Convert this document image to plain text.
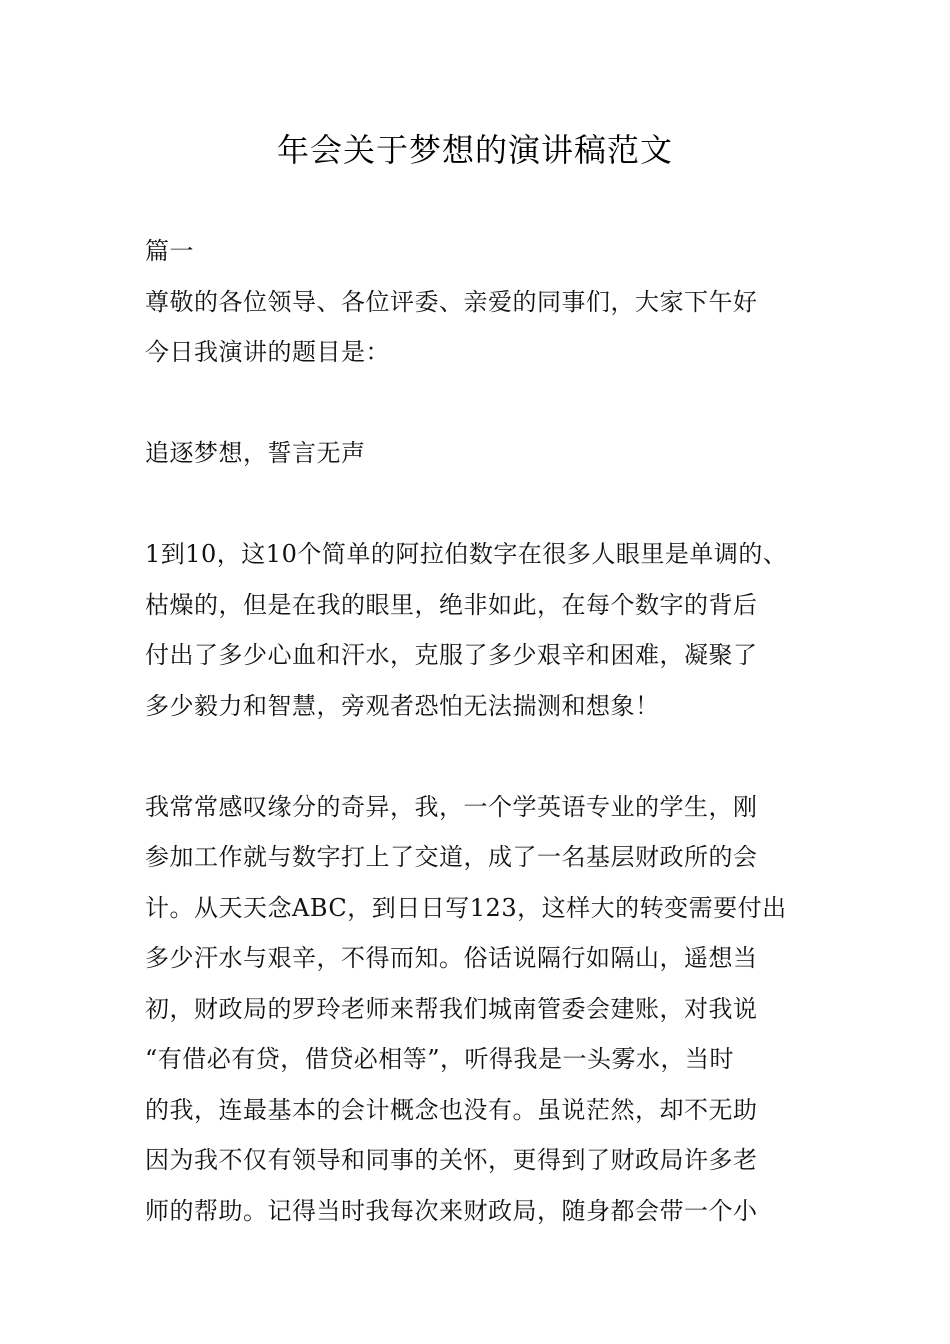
年会关于梦想的演讲稿范文
篇一
尊敬的各位领导、各位评委、亲爱的同事们，大家下午好
今日我演讲的题目是：
追逐梦想，誓言无声
1到10，这10个简单的阿拉伯数字在很多人眼里是单调的、
枯燥的，但是在我的眼里，绝非如此，在每个数字的背后
付出了多少心血和汗水，克服了多少艰辛和困难，凝聚了
多少毅力和智慧，旁观者恐怕无法揣测和想象！
我常常感叹缘分的奇异，我，一个学英语专业的学生，刚
参加工作就与数字打上了交道，成了一名基层财政所的会
计。从天天念ABC，到日日写123，这样大的转变需要付出
多少汗水与艰辛，不得而知。俗话说隔行如隔山，遥想当
初，财政局的罗玲老师来帮我们城南管委会建账，对我说
“有借必有贷，借贷必相等”，听得我是一头雾水，当时
的我，连最基本的会计概念也没有。虽说茫然，却不无助
因为我不仅有领导和同事的关怀，更得到了财政局许多老
师的帮助。记得当时我每次来财政局，随身都会带一个小
